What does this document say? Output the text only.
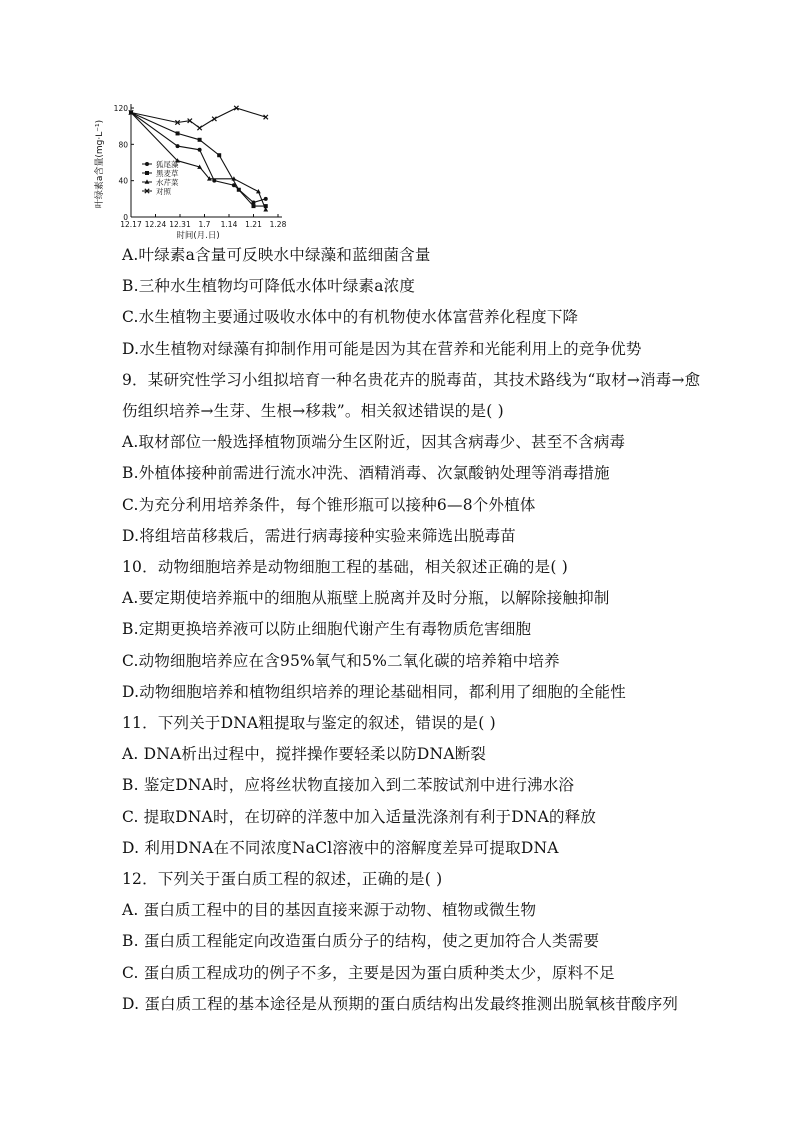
叶绿素a含量(mg·L⁻¹)
0
40
80
120
12.17 12.24 12.31 1.7 1.14 1.21 1.28
狐尾藻
黑麦草
水芹菜
对照
时间(月.日)
A.叶绿素a含量可反映水中绿藻和蓝细菌含量
B.三种水生植物均可降低水体叶绿素a浓度
C.水生植物主要通过吸收水体中的有机物使水体富营养化程度下降
D.水生植物对绿藻有抑制作用可能是因为其在营养和光能利用上的竞争优势
9．某研究性学习小组拟培育一种名贵花卉的脱毒苗，其技术路线为“取材→消毒→愈
伤组织培养→生芽、生根→移栽”。相关叙述错误的是( )
A.取材部位一般选择植物顶端分生区附近，因其含病毒少、甚至不含病毒
B.外植体接种前需进行流水冲洗、酒精消毒、次氯酸钠处理等消毒措施
C.为充分利用培养条件，每个锥形瓶可以接种6—8个外植体
D.将组培苗移栽后，需进行病毒接种实验来筛选出脱毒苗
10．动物细胞培养是动物细胞工程的基础，相关叙述正确的是( )
A.要定期使培养瓶中的细胞从瓶壁上脱离并及时分瓶，以解除接触抑制
B.定期更换培养液可以防止细胞代谢产生有毒物质危害细胞
C.动物细胞培养应在含95%氧气和5%二氧化碳的培养箱中培养
D.动物细胞培养和植物组织培养的理论基础相同，都利用了细胞的全能性
11．下列关于DNA粗提取与鉴定的叙述，错误的是( )
A. DNA析出过程中，搅拌操作要轻柔以防DNA断裂
B. 鉴定DNA时，应将丝状物直接加入到二苯胺试剂中进行沸水浴
C. 提取DNA时，在切碎的洋葱中加入适量洗涤剂有利于DNA的释放
D. 利用DNA在不同浓度NaCl溶液中的溶解度差异可提取DNA
12．下列关于蛋白质工程的叙述，正确的是( )
A. 蛋白质工程中的目的基因直接来源于动物、植物或微生物
B. 蛋白质工程能定向改造蛋白质分子的结构，使之更加符合人类需要
C. 蛋白质工程成功的例子不多，主要是因为蛋白质种类太少，原料不足
D. 蛋白质工程的基本途径是从预期的蛋白质结构出发最终推测出脱氧核苷酸序列
